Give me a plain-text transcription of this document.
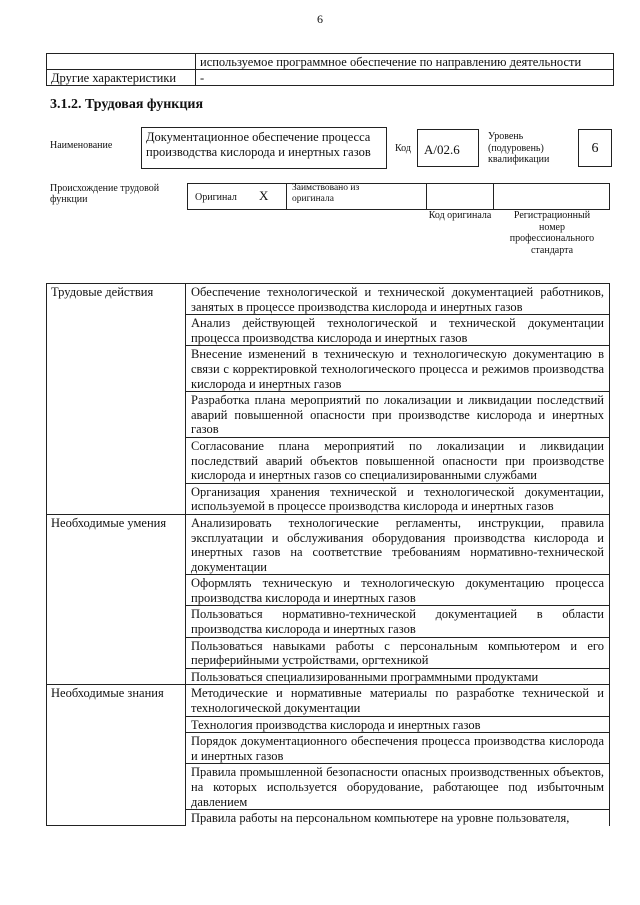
6
	используемое программное обеспечение по направлению деятельности
Другие характеристики	-
3.1.2. Трудовая функция
Наименование
Документационное обеспечение процесса производства кислорода и инертных газов	Код	А/02.6
Уровень (подуровень) квалификации
6
Происхождение трудовой функции	Оригинал X Заимствовано из оригинала
Код оригинала	Регистрационный номер профессионального стандарта
Трудовые действия	Обеспечение технологической и технической документацией работников, занятых в процессе производства кислорода и инертных газов
	Анализ действующей технологической и технической документации процесса производства кислорода и инертных газов
	Внесение изменений в техническую и технологическую документацию в связи с корректировкой технологического процесса и режимов производства кислорода и инертных газов
	Разработка плана мероприятий по локализации и ликвидации последствий аварий повышенной опасности при производстве кислорода и инертных газов
	Согласование плана мероприятий по локализации и ликвидации последствий аварий объектов повышенной опасности при производстве кислорода и инертных газов со специализированными службами
	Организация хранения технической и технологической документации, используемой в процессе производства кислорода и инертных газов
Необходимые умения	Анализировать технологические регламенты, инструкции, правила эксплуатации и обслуживания оборудования производства кислорода и инертных газов на соответствие требованиям нормативно-технической документации
	Оформлять техническую и технологическую документацию процесса производства кислорода и инертных газов
	Пользоваться нормативно-технической документацией в области производства кислорода и инертных газов
	Пользоваться навыками работы с персональным компьютером и его периферийными устройствами, оргтехникой
	Пользоваться специализированными программными продуктами
Необходимые знания	Методические и нормативные материалы по разработке технической и технологической документации
	Технология производства кислорода и инертных газов
	Порядок документационного обеспечения процесса производства кислорода и инертных газов
	Правила промышленной безопасности опасных производственных объектов, на которых используется оборудование, работающее под избыточным давлением
	Правила работы на персональном компьютере на уровне пользователя,
